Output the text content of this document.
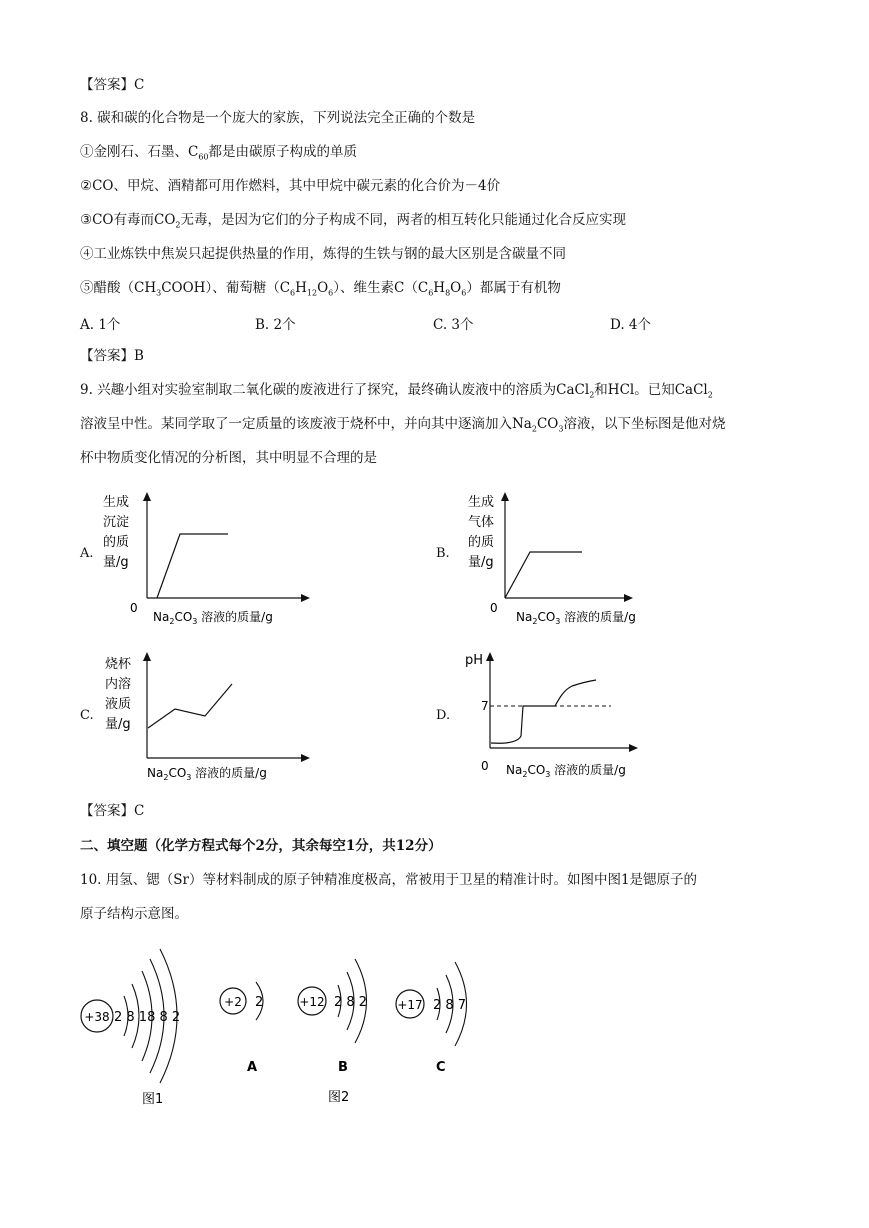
【答案】C
8. 碳和碳的化合物是一个庞大的家族，下列说法完全正确的个数是
①金刚石、石墨、$C_{60}$都是由碳原子构成的单质
②CO、甲烷、酒精都可用作燃料，其中甲烷中碳元素的化合价为－4价
③CO有毒而$CO_2$无毒，是因为它们的分子构成不同，两者的相互转化只能通过化合反应实现
④工业炼铁中焦炭只起提供热量的作用，炼得的生铁与钢的最大区别是含碳量不同
⑤醋酸$(CH_3COOH)$、葡萄糖$(C_6H_{12}O_6)$、维生素$C(C_6H_8O_6)$都属于有机物
A. 1个	B. 2个	C. 3个	D. 4个
【答案】B
9. 兴趣小组对实验室制取二氧化碳的废液进行了探究，最终确认废液中的溶质为CaCl$_2$和HCl。已知CaCl$_2$
溶液呈中性。某同学取了一定质量的该废液于烧杯中，并向其中逐滴加入$Na_2CO_3$溶液，以下坐标图是他对烧
杯中物质变化情况的分析图，其中明显不合理的是
A.
生成
沉淀
的质
量/g
0
$Na_2CO_3$ 溶液的质量/g
B.
生成
气体
的质
量/g
0
$Na_2CO_3$ 溶液的质量/g
C.
烧杯
内溶
液质
量/g
$Na_2CO_3$ 溶液的质量/g
D.
pH
7
0 $Na_2CO_3$ 溶液的质量/g
【答案】C
二、填空题（化学方程式每个2分，其余每空1分，共12分）
10. 用氢、锶（Sr）等材料制成的原子钟精准度极高，常被用于卫星的精准计时。如图中图1是锶原子的
原子结构示意图。
+38 2 8 18 8 2
图1
+2 2
A
+12 2 8 2
B
图2
+17 2 8 7
C
